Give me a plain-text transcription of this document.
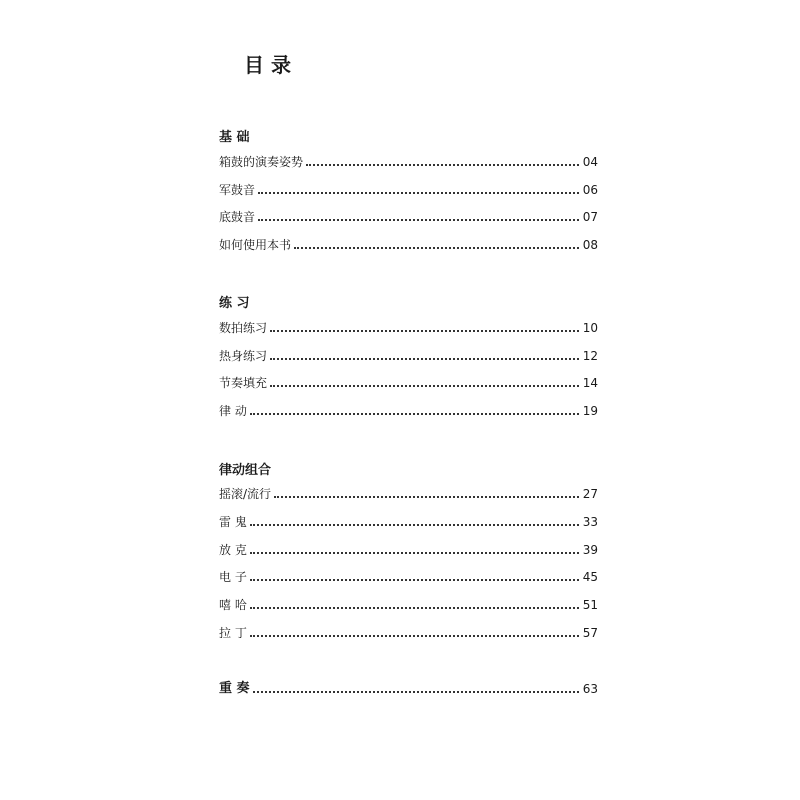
目 录
基 础
箱鼓的演奏姿势	04
军鼓音	06
底鼓音	07
如何使用本书	08
练 习
数拍练习	10
热身练习	12
节奏填充	14
律 动	19
律动组合
摇滚/流行	27
雷 鬼	33
放 克	39
电 子	45
嘻 哈	51
拉 丁	57
重 奏	63
